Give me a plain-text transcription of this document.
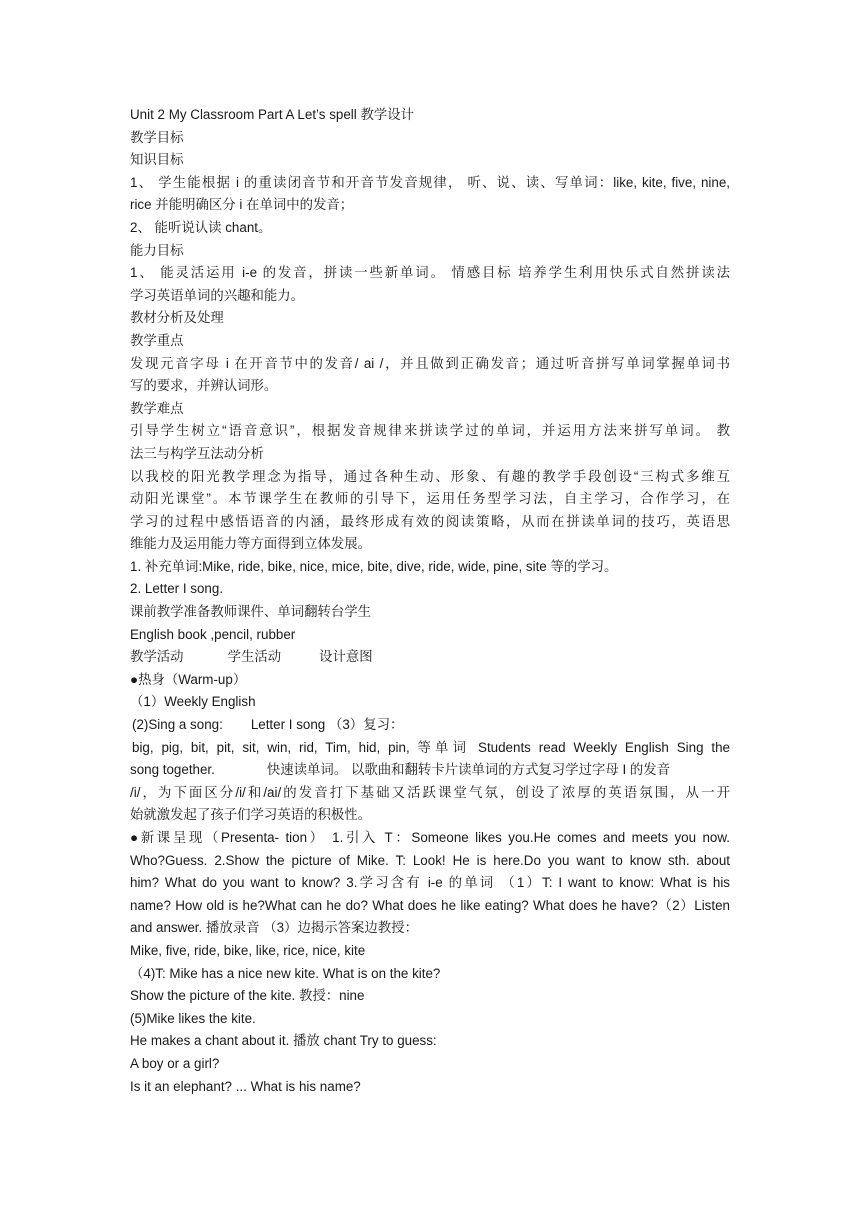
Unit 2 My Classroom Part A Let’s spell 教学设计
教学目标
知识目标
1、 学生能根据 i 的重读闭音节和开音节发音规律， 听、说、读、写单词：like, kite, five, nine,
rice 并能明确区分 i 在单词中的发音；
2、 能听说认读 chant。
能力目标
1、 能灵活运用 i-e 的发音，拼读一些新单词。 情感目标 培养学生利用快乐式自然拼读法
学习英语单词的兴趣和能力。
教材分析及处理
教学重点
发现元音字母 i 在开音节中的发音/ ai /，并且做到正确发音；通过听音拼写单词掌握单词书
写的要求，并辨认词形。
教学难点
引导学生树立“语音意识”，根据发音规律来拼读学过的单词，并运用方法来拼写单词。 教
法三与构学互法动分析
以我校的阳光教学理念为指导，通过各种生动、形象、有趣的教学手段创设“三构式多维互
动阳光课堂”。本节课学生在教师的引导下，运用任务型学习法，自主学习，合作学习，在
学习的过程中感悟语音的内涵，最终形成有效的阅读策略，从而在拼读单词的技巧，英语思
维能力及运用能力等方面得到立体发展。
1. 补充单词:Mike, ride, bike, nice, mice, bite, dive, ride, wide, pine, site 等的学习。
2. Letter I song.
课前教学准备教师课件、单词翻转台学生
English book ,pencil, rubber
教学活动	学生活动	设计意图
●热身（Warm-up）
（1）Weekly English
(2)Sing a song: Letter I song （3）复习：
big, pig, bit, pit, sit, win, rid, Tim, hid, pin, 等单词 Students read Weekly English Sing the
song together.	快速读单词。 以歌曲和翻转卡片读单词的方式复习学过字母 I 的发音
/i/，为下面区分/i/和/ai/的发音打下基础又活跃课堂气氛，创设了浓厚的英语氛围，从一开
始就激发起了孩子们学习英语的积极性。
●新课呈现（Presenta- tion） 1.引入 T：Someone likes you.He comes and meets you now.
Who?Guess. 2.Show the picture of Mike. T: Look! He is here.Do you want to know sth. about
him? What do you want to know? 3.学习含有 i-e 的单词 （1）T: I want to know: What is his
name? How old is he?What can he do? What does he like eating? What does he have?（2）Listen
and answer. 播放录音 （3）边揭示答案边教授：
Mike, five, ride, bike, like, rice, nice, kite
（4)T: Mike has a nice new kite. What is on the kite?
Show the picture of the kite. 教授：nine
(5)Mike likes the kite.
He makes a chant about it. 播放 chant Try to guess:
A boy or a girl?
Is it an elephant? ... What is his name?
